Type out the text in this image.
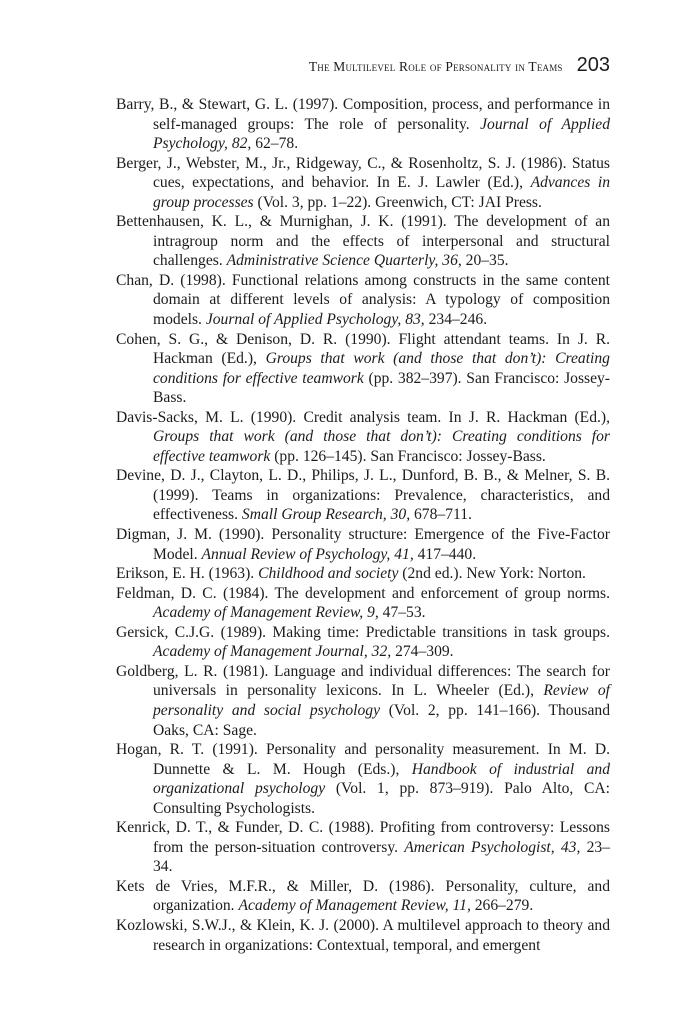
The Multilevel Role of Personality in Teams 203

Barry, B., & Stewart, G. L. (1997). Composition, process, and performance in self-managed groups: The role of personality. Journal of Applied Psychology, 82, 62–78.

Berger, J., Webster, M., Jr., Ridgeway, C., & Rosenholtz, S. J. (1986). Status cues, expectations, and behavior. In E. J. Lawler (Ed.), Advances in group processes (Vol. 3, pp. 1–22). Greenwich, CT: JAI Press.

Bettenhausen, K. L., & Murnighan, J. K. (1991). The development of an intragroup norm and the effects of interpersonal and structural challenges. Administrative Science Quarterly, 36, 20–35.

Chan, D. (1998). Functional relations among constructs in the same content domain at different levels of analysis: A typology of composition models. Journal of Applied Psychology, 83, 234–246.

Cohen, S. G., & Denison, D. R. (1990). Flight attendant teams. In J. R. Hackman (Ed.), Groups that work (and those that don’t): Creating conditions for effective teamwork (pp. 382–397). San Francisco: Jossey-Bass.

Davis-Sacks, M. L. (1990). Credit analysis team. In J. R. Hackman (Ed.), Groups that work (and those that don’t): Creating conditions for effective teamwork (pp. 126–145). San Francisco: Jossey-Bass.

Devine, D. J., Clayton, L. D., Philips, J. L., Dunford, B. B., & Melner, S. B. (1999). Teams in organizations: Prevalence, characteristics, and effectiveness. Small Group Research, 30, 678–711.

Digman, J. M. (1990). Personality structure: Emergence of the Five-Factor Model. Annual Review of Psychology, 41, 417–440.

Erikson, E. H. (1963). Childhood and society (2nd ed.). New York: Norton.

Feldman, D. C. (1984). The development and enforcement of group norms. Academy of Management Review, 9, 47–53.

Gersick, C.J.G. (1989). Making time: Predictable transitions in task groups. Academy of Management Journal, 32, 274–309.

Goldberg, L. R. (1981). Language and individual differences: The search for universals in personality lexicons. In L. Wheeler (Ed.), Review of personality and social psychology (Vol. 2, pp. 141–166). Thousand Oaks, CA: Sage.

Hogan, R. T. (1991). Personality and personality measurement. In M. D. Dunnette & L. M. Hough (Eds.), Handbook of industrial and organizational psychology (Vol. 1, pp. 873–919). Palo Alto, CA: Consulting Psychologists.

Kenrick, D. T., & Funder, D. C. (1988). Profiting from controversy: Lessons from the person-situation controversy. American Psychologist, 43, 23–34.

Kets de Vries, M.F.R., & Miller, D. (1986). Personality, culture, and organization. Academy of Management Review, 11, 266–279.

Kozlowski, S.W.J., & Klein, K. J. (2000). A multilevel approach to theory and research in organizations: Contextual, temporal, and emergent
